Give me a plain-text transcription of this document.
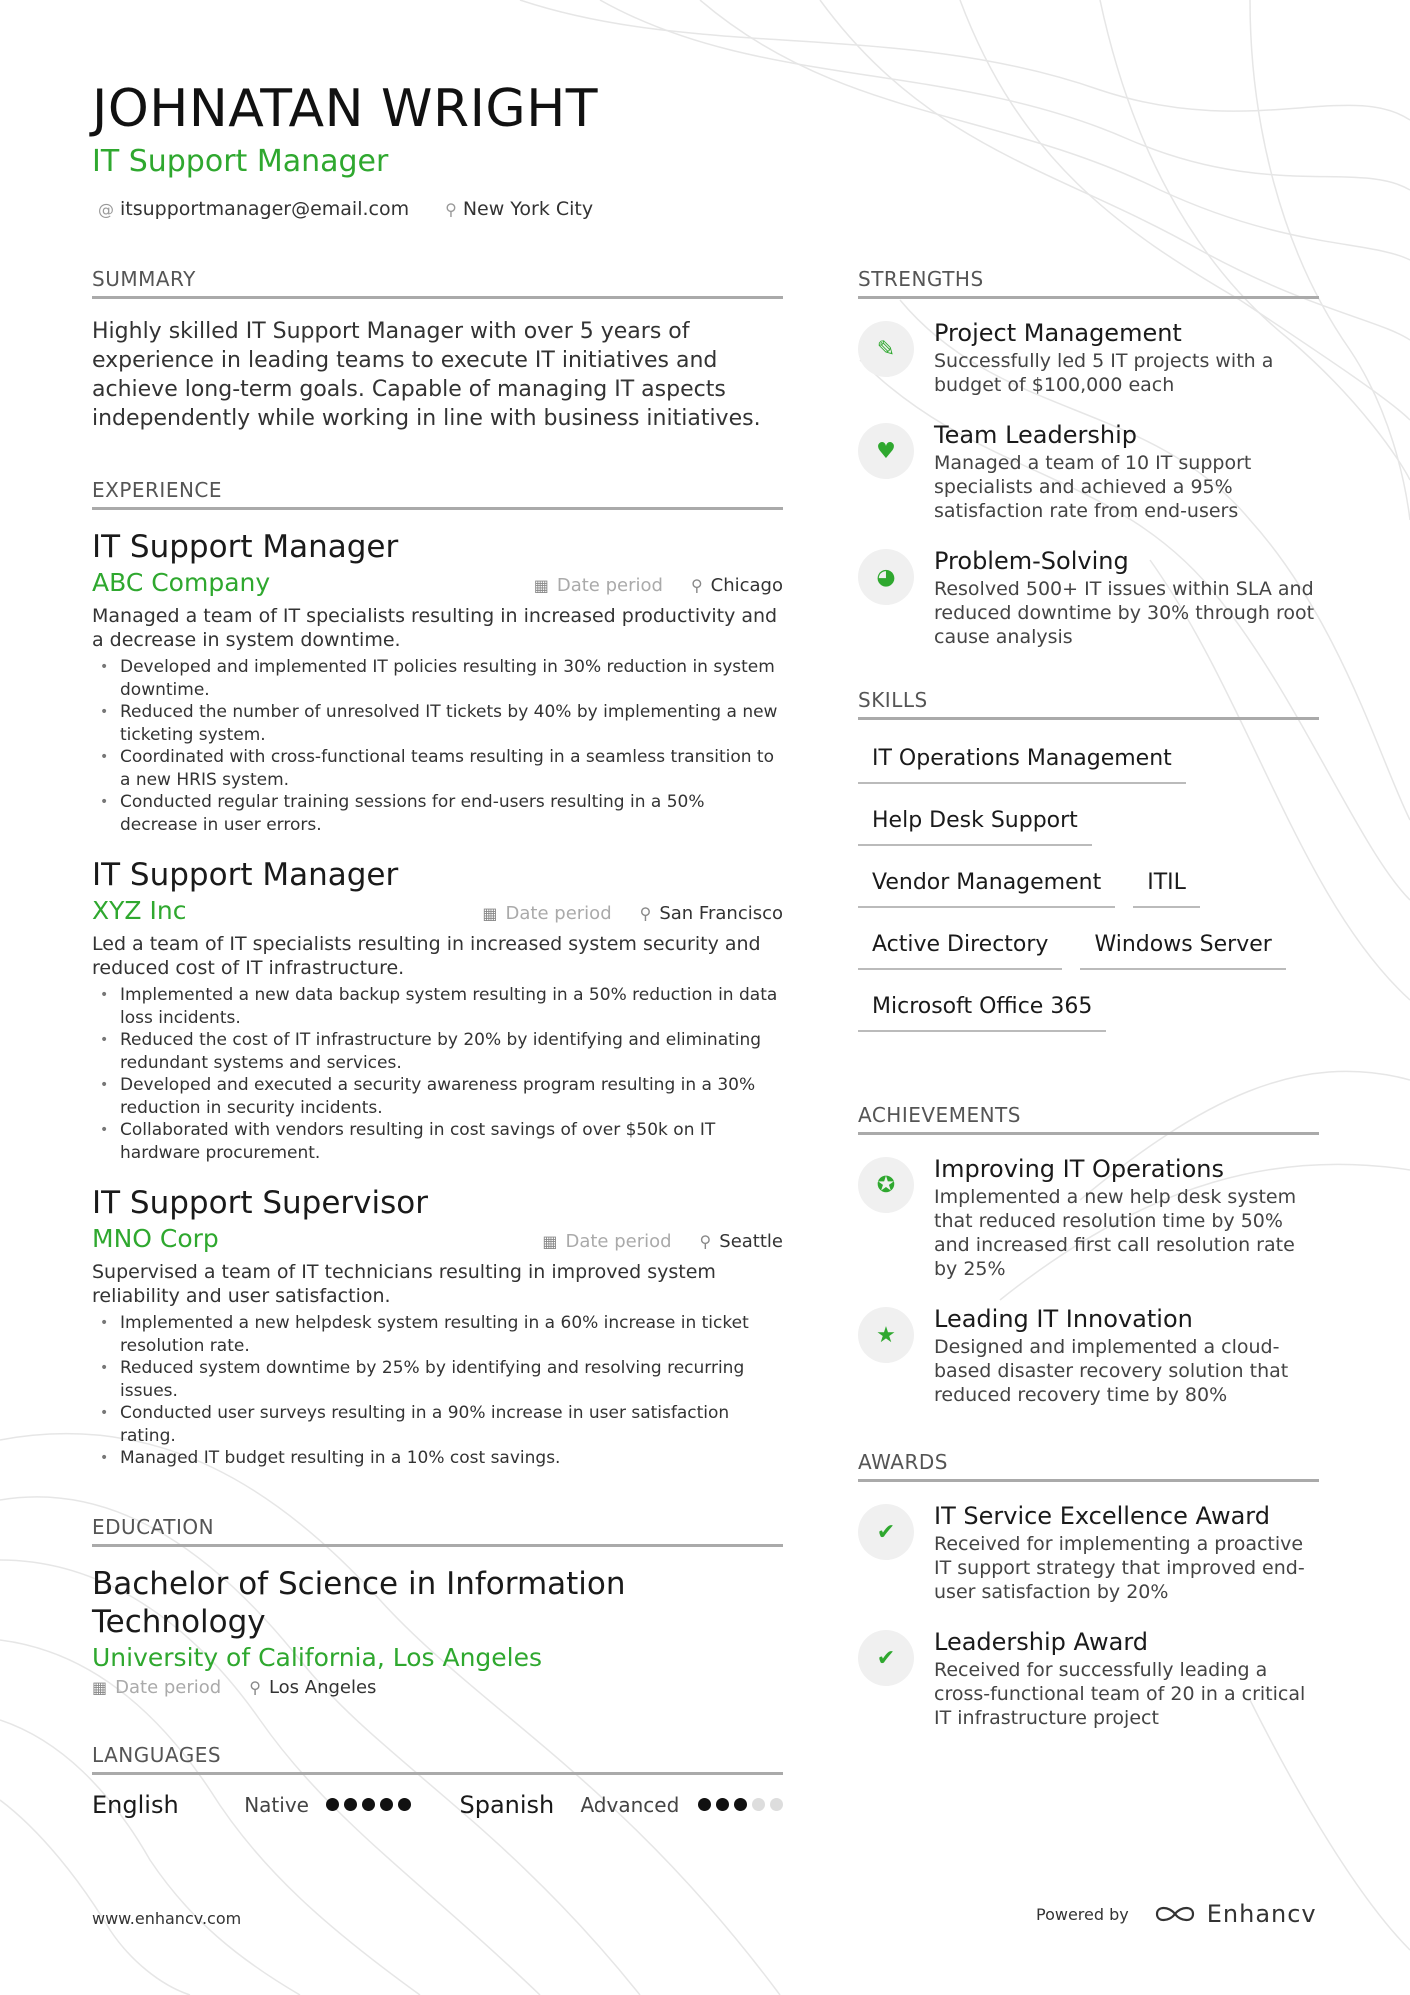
JOHNATAN WRIGHT
IT Support Manager
@ itsupportmanager@email.com ⚲ New York City
SUMMARY
Highly skilled IT Support Manager with over 5 years of experience in leading teams to execute IT initiatives and achieve long-term goals. Capable of managing IT aspects independently while working in line with business initiatives.
EXPERIENCE
IT Support Manager
ABC Company	▦ Date period ⚲ Chicago
Managed a team of IT specialists resulting in increased productivity and a decrease in system downtime.
• Developed and implemented IT policies resulting in 30% reduction in system downtime.
• Reduced the number of unresolved IT tickets by 40% by implementing a new ticketing system.
• Coordinated with cross-functional teams resulting in a seamless transition to a new HRIS system.
• Conducted regular training sessions for end-users resulting in a 50% decrease in user errors.
IT Support Manager
XYZ Inc	▦ Date period ⚲ San Francisco
Led a team of IT specialists resulting in increased system security and reduced cost of IT infrastructure.
• Implemented a new data backup system resulting in a 50% reduction in data loss incidents.
• Reduced the cost of IT infrastructure by 20% by identifying and eliminating redundant systems and services.
• Developed and executed a security awareness program resulting in a 30% reduction in security incidents.
• Collaborated with vendors resulting in cost savings of over $50k on IT hardware procurement.
IT Support Supervisor
MNO Corp	▦ Date period ⚲ Seattle
Supervised a team of IT technicians resulting in improved system reliability and user satisfaction.
• Implemented a new helpdesk system resulting in a 60% increase in ticket resolution rate.
• Reduced system downtime by 25% by identifying and resolving recurring issues.
• Conducted user surveys resulting in a 90% increase in user satisfaction rating.
• Managed IT budget resulting in a 10% cost savings.
EDUCATION
Bachelor of Science in Information Technology
University of California, Los Angeles
▦ Date period ⚲ Los Angeles
LANGUAGES
English	Native	Spanish Advanced
STRENGTHS
✎
Project Management
Successfully led 5 IT projects with a budget of $100,000 each
♥
Team Leadership
Managed a team of 10 IT support specialists and achieved a 95% satisfaction rate from end-users
◕
Problem-Solving
Resolved 500+ IT issues within SLA and reduced downtime by 30% through root cause analysis
SKILLS
IT Operations Management
Help Desk Support
Vendor Management	ITIL
Active Directory	Windows Server
Microsoft Office 365
ACHIEVEMENTS
✪
Improving IT Operations
Implemented a new help desk system that reduced resolution time by 50% and increased first call resolution rate by 25%
★
Leading IT Innovation
Designed and implemented a cloud-based disaster recovery solution that reduced recovery time by 80%
AWARDS
✔
IT Service Excellence Award
Received for implementing a proactive IT support strategy that improved end-user satisfaction by 20%
✔
Leadership Award
Received for successfully leading a cross-functional team of 20 in a critical IT infrastructure project
www.enhancv.com	Powered by	Enhancv
